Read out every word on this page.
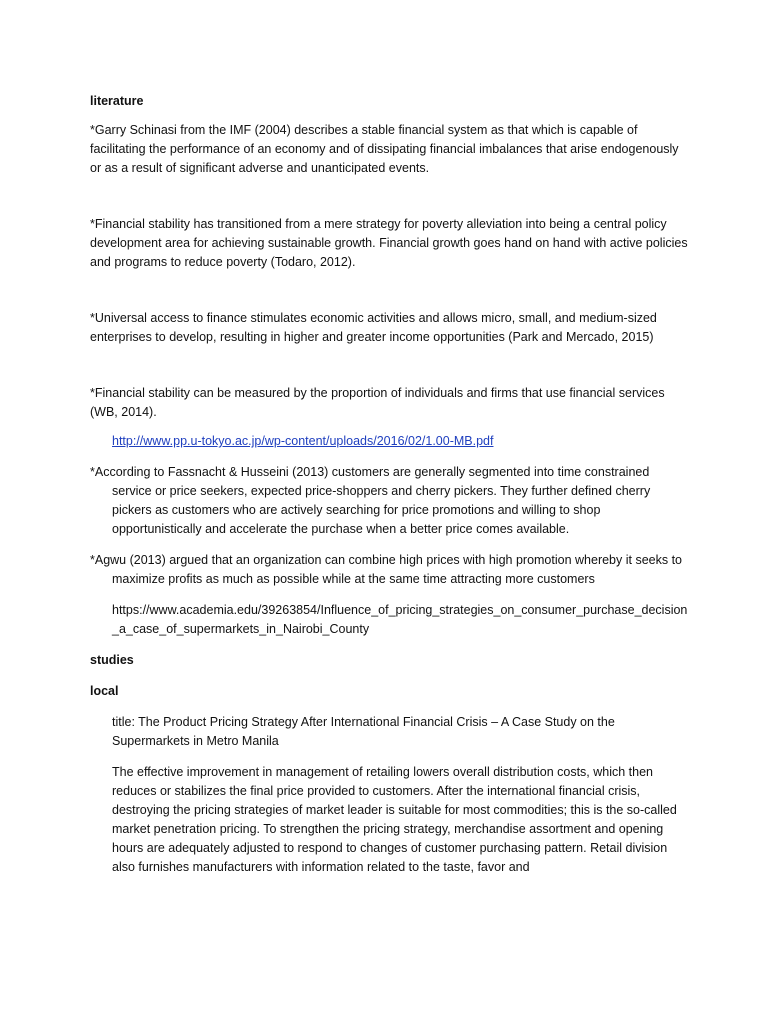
literature

*Garry Schinasi from the IMF (2004) describes a stable financial system as that which is capable of facilitating the performance of an economy and of dissipating financial imbalances that arise endogenously or as a result of significant adverse and unanticipated events.

*Financial stability has transitioned from a mere strategy for poverty alleviation into being a central policy development area for achieving sustainable growth. Financial growth goes hand on hand with active policies and programs to reduce poverty (Todaro, 2012).

*Universal access to finance stimulates economic activities and allows micro, small, and medium-sized enterprises to develop, resulting in higher and greater income opportunities (Park and Mercado, 2015)

*Financial stability can be measured by the proportion of individuals and firms that use financial services (WB, 2014).

http://www.pp.u-tokyo.ac.jp/wp-content/uploads/2016/02/1.00-MB.pdf

*According to Fassnacht & Husseini (2013) customers are generally segmented into time constrained service or price seekers, expected price-shoppers and cherry pickers. They further defined cherry pickers as customers who are actively searching for price promotions and willing to shop opportunistically and accelerate the purchase when a better price comes available.

*Agwu (2013) argued that an organization can combine high prices with high promotion whereby it seeks to maximize profits as much as possible while at the same time attracting more customers

https://www.academia.edu/39263854/Influence_of_pricing_strategies_on_consumer_purchase_decision_a_case_of_supermarkets_in_Nairobi_County

studies

local

title: The Product Pricing Strategy After International Financial Crisis – A Case Study on the Supermarkets in Metro Manila

The effective improvement in management of retailing lowers overall distribution costs, which then reduces or stabilizes the final price provided to customers. After the international financial crisis, destroying the pricing strategies of market leader is suitable for most commodities; this is the so-called market penetration pricing. To strengthen the pricing strategy, merchandise assortment and opening hours are adequately adjusted to respond to changes of customer purchasing pattern. Retail division also furnishes manufacturers with information related to the taste, favor and
